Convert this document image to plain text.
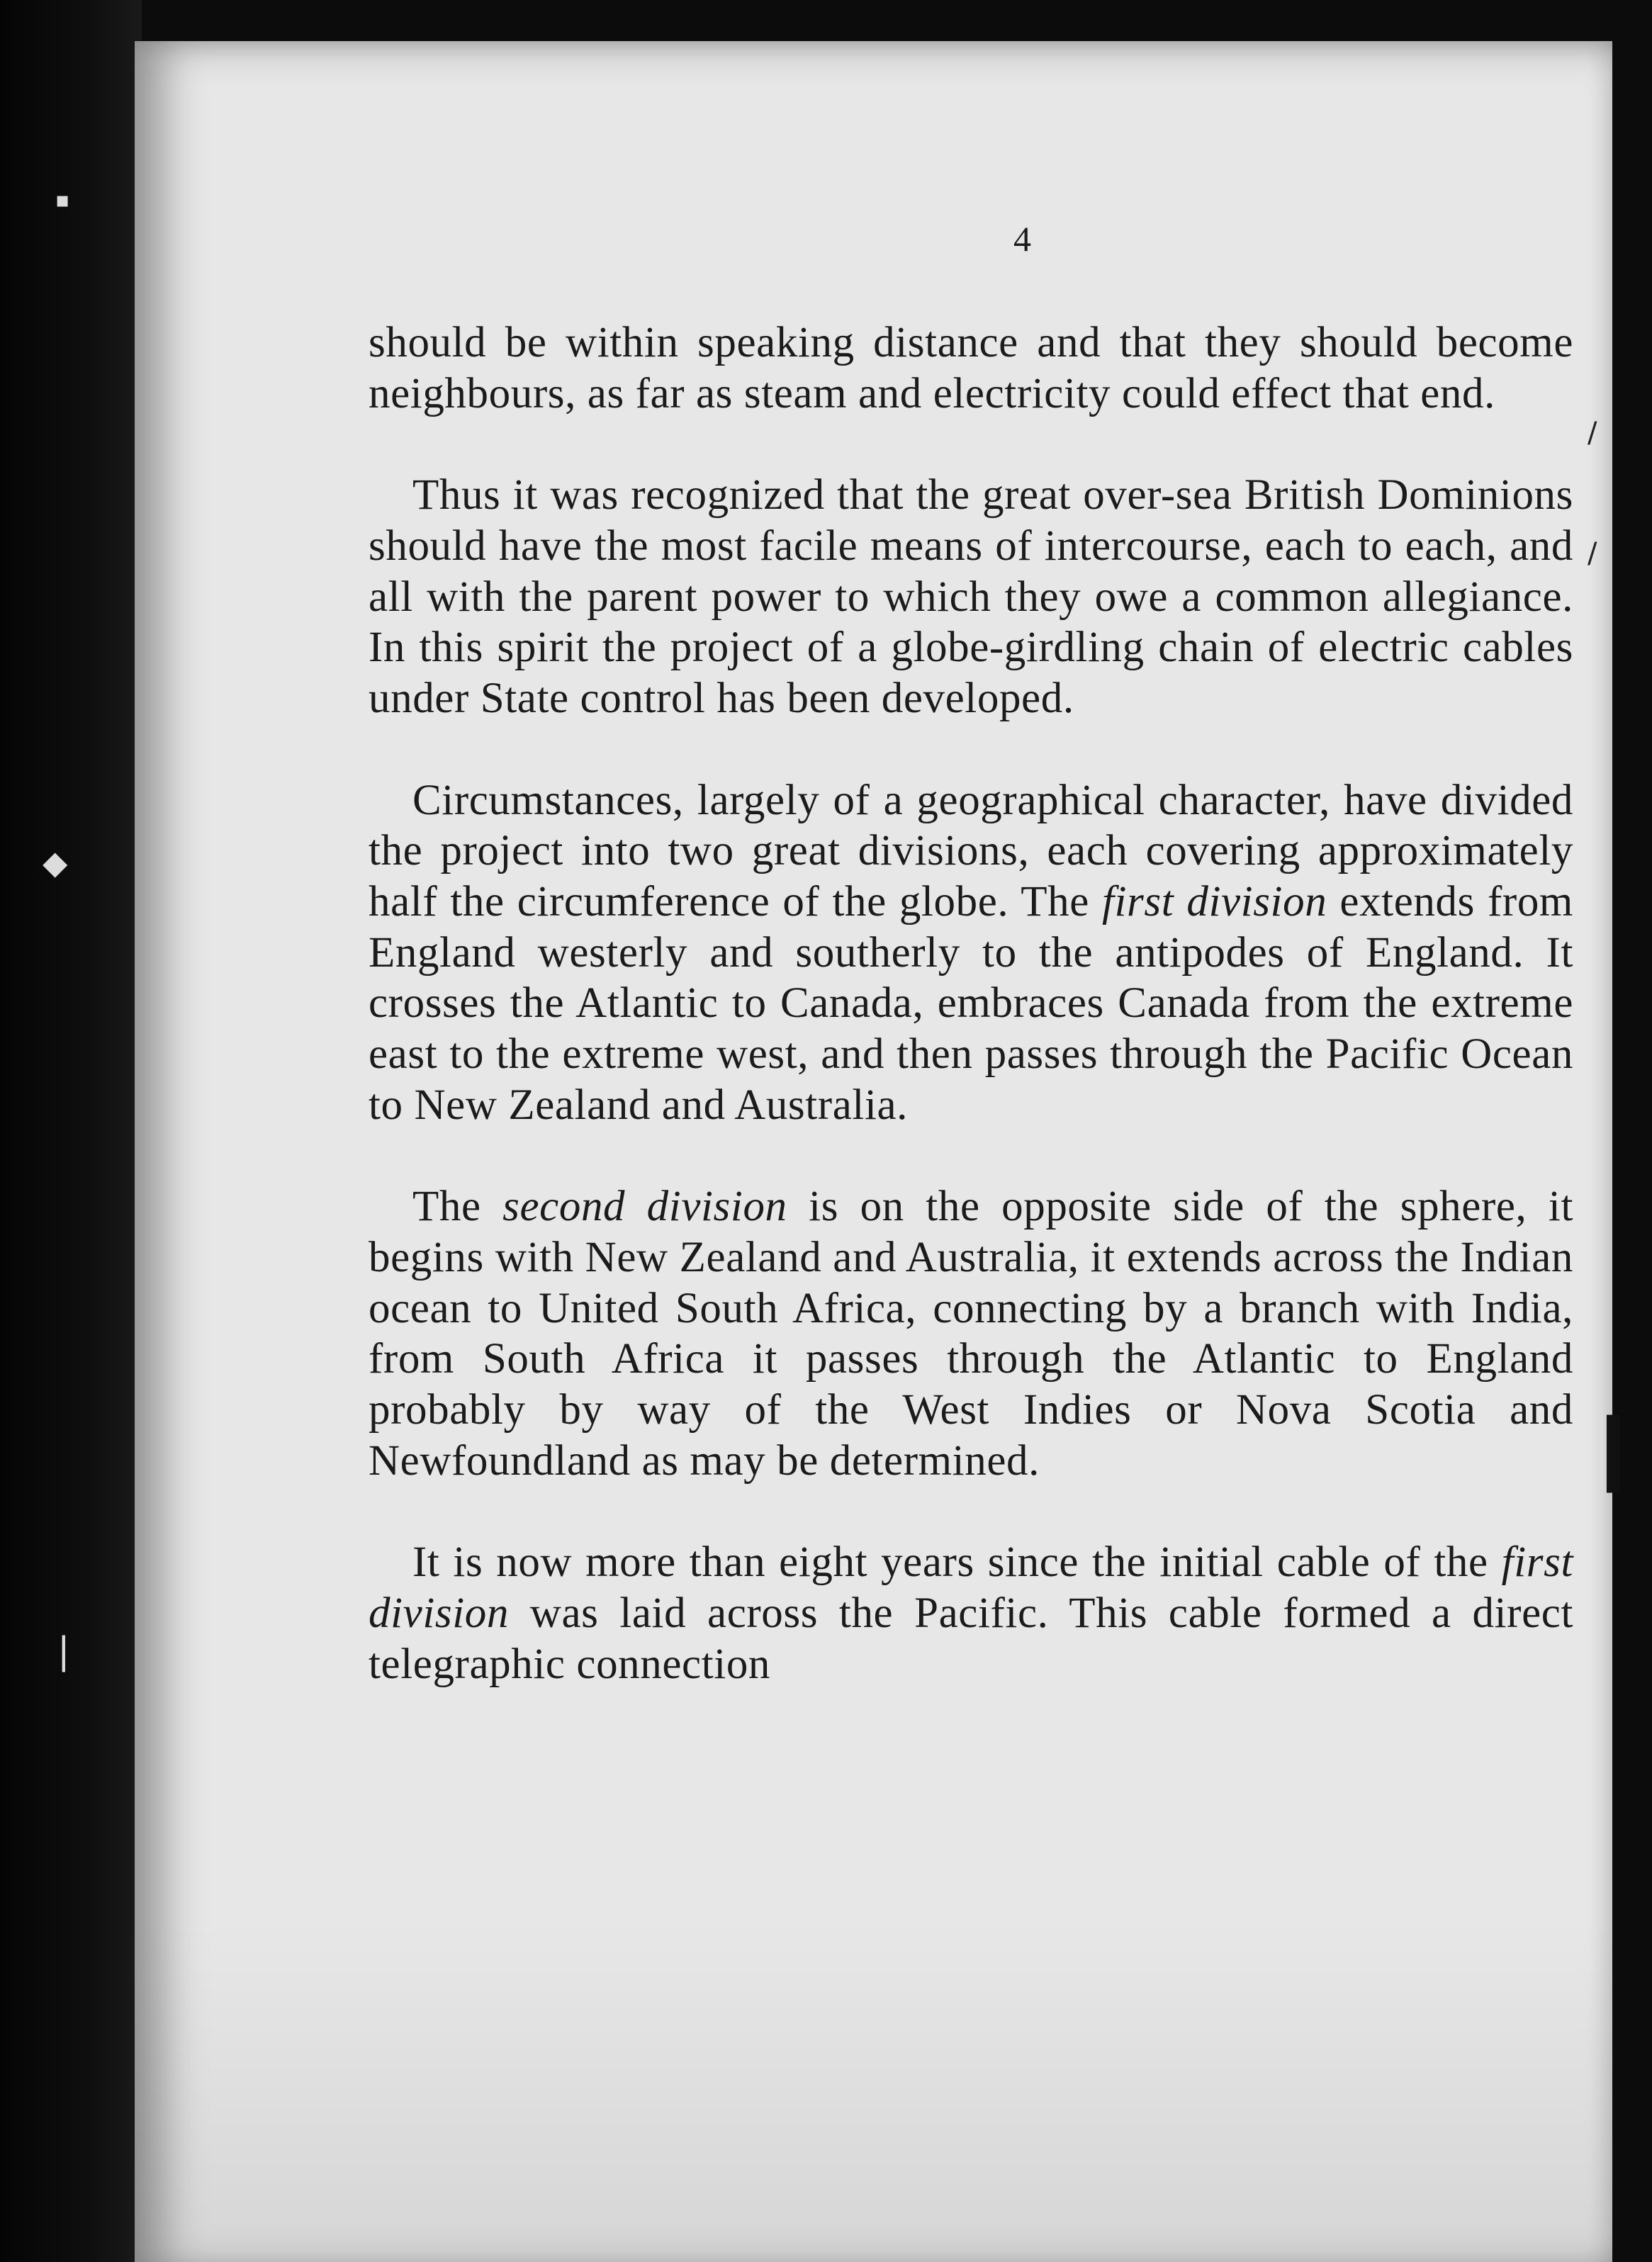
▪
◆
❘
4

should be within speaking distance and that they should become neighbours, as far as steam and electricity could effect that end.

Thus it was recognized that the great over-sea British Dominions should have the most facile means of intercourse, each to each, and all with the parent power to which they owe a common allegiance. In this spirit the project of a globe-girdling chain of electric cables under State control has been developed.

Circumstances, largely of a geographical character, have divided the project into two great divisions, each covering approximately half the circumference of the globe. The first division extends from England westerly and southerly to the antipodes of England. It crosses the Atlantic to Canada, embraces Canada from the extreme east to the extreme west, and then passes through the Pacific Ocean to New Zealand and Australia.

The second division is on the opposite side of the sphere, it begins with New Zealand and Australia, it extends across the Indian ocean to United South Africa, connecting by a branch with India, from South Africa it passes through the Atlantic to England probably by way of the West Indies or Nova Scotia and Newfoundland as may be determined.

It is now more than eight years since the initial cable of the first division was laid across the Pacific. This cable formed a direct telegraphic connection

/
/
❙
